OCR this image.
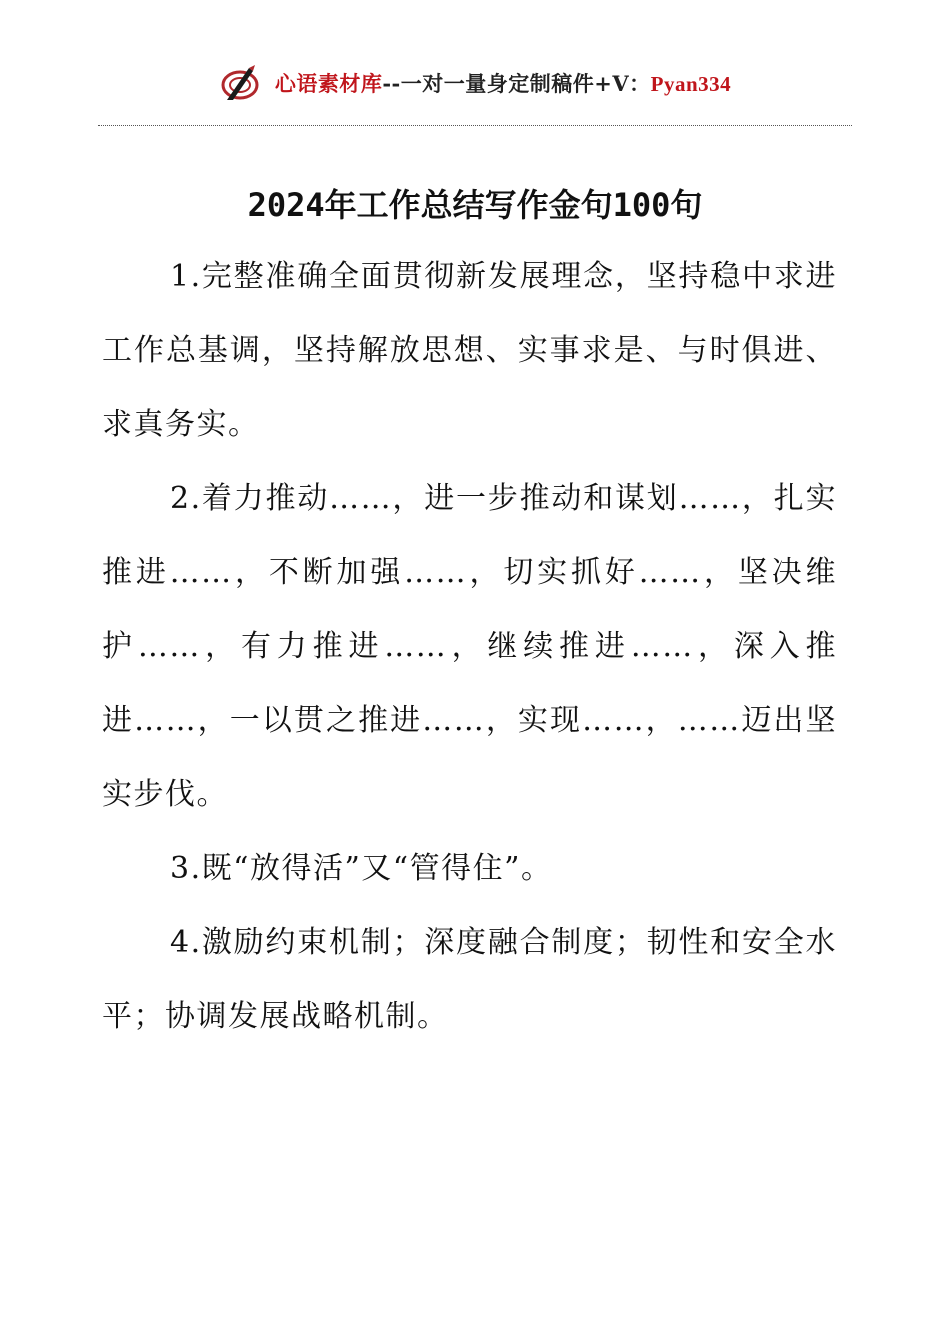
心语素材库--一对一量身定制稿件+V：Pyan334
2024年工作总结写作金句100句

1.完整准确全面贯彻新发展理念，坚持稳中求进工作总基调，坚持解放思想、实事求是、与时俱进、求真务实。

2.着力推动……，进一步推动和谋划……，扎实推进……，不断加强……，切实抓好……，坚决维护……，有力推进……，继续推进……，深入推进……，一以贯之推进……，实现……，……迈出坚实步伐。

3.既“放得活”又“管得住”。

4.激励约束机制；深度融合制度；韧性和安全水平；协调发展战略机制。
